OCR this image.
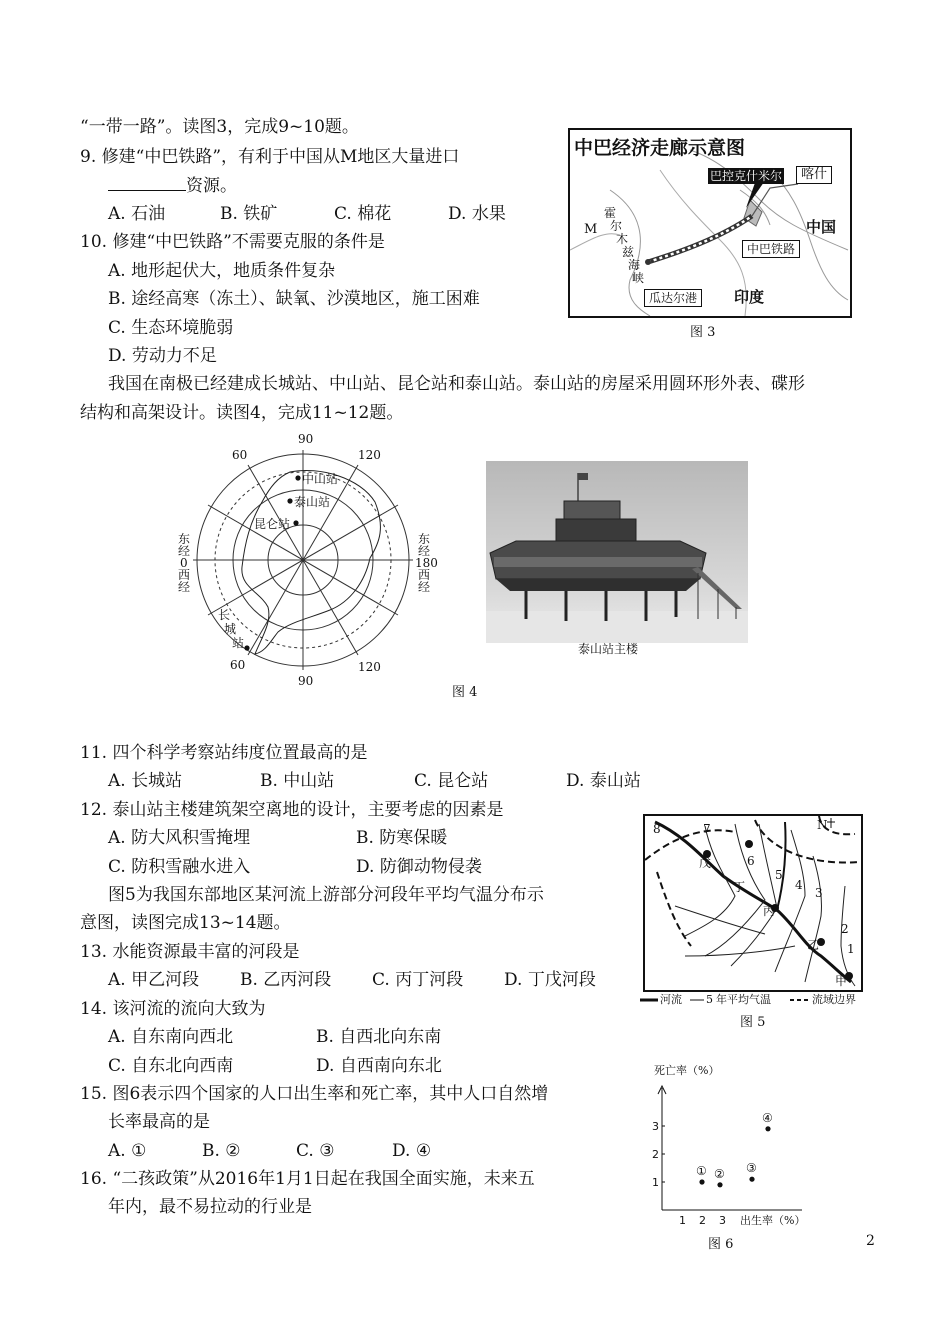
“一带一路”。读图3，完成9~10题。
9. 修建“中巴铁路”，有利于中国从M地区大量进口
资源。
A. 石油	B. 铁矿	C. 棉花	D. 水果
10. 修建“中巴铁路”不需要克服的条件是
A. 地形起伏大，地质条件复杂
B. 途经高寒（冻土）、缺氧、沙漠地区，施工困难
C. 生态环境脆弱
D. 劳动力不足
中巴经济走廊示意图
巴控克什米尔	喀什
中国
中巴铁路
瓜达尔港	印度
M
霍
尔
木
兹
海
峡
图 3
我国在南极已经建成长城站、中山站、昆仑站和泰山站。泰山站的房屋采用圆环形外表、碟形
结构和高架设计。读图4，完成11~12题。
90
120
60
60	120
90
东
经
0
西
经
东
经
180
西
经
中山站
泰山站
昆仑站
长
城
站	泰山站主楼
图 4
11. 四个科学考察站纬度位置最高的是
A. 长城站	B. 中山站	C. 昆仑站	D. 泰山站
12. 泰山站主楼建筑架空离地的设计，主要考虑的因素是
A. 防大风积雪掩埋	B. 防寒保暖
C. 防积雪融水进入	D. 防御动物侵袭
图5为我国东部地区某河流上游部分河段年平均气温分布示
意图，读图完成13~14题。
13. 水能资源最丰富的河段是
A. 甲乙河段 B. 乙丙河段 C. 丙丁河段 D. 丁戊河段
14. 该河流的流向大致为
A. 自东南向西北	B. 自西北向东南
C. 自东北向西南	D. 自西南向东北
15. 图6表示四个国家的人口出生率和死亡率，其中人口自然增
长率最高的是
A. ①	B. ②	C. ③	D. ④
16. “二孩政策”从2016年1月1日起在我国全面实施，未来五
年内，最不易拉动的行业是
8	7
6
5
4
3
2
1
戊
丁
丙
乙
甲
N
河流 5 年平均气温	流域边界
图 5
死亡率（%）
1 2 3
1
2
3
① ② ③
④
出生率（%）
图 6	2
